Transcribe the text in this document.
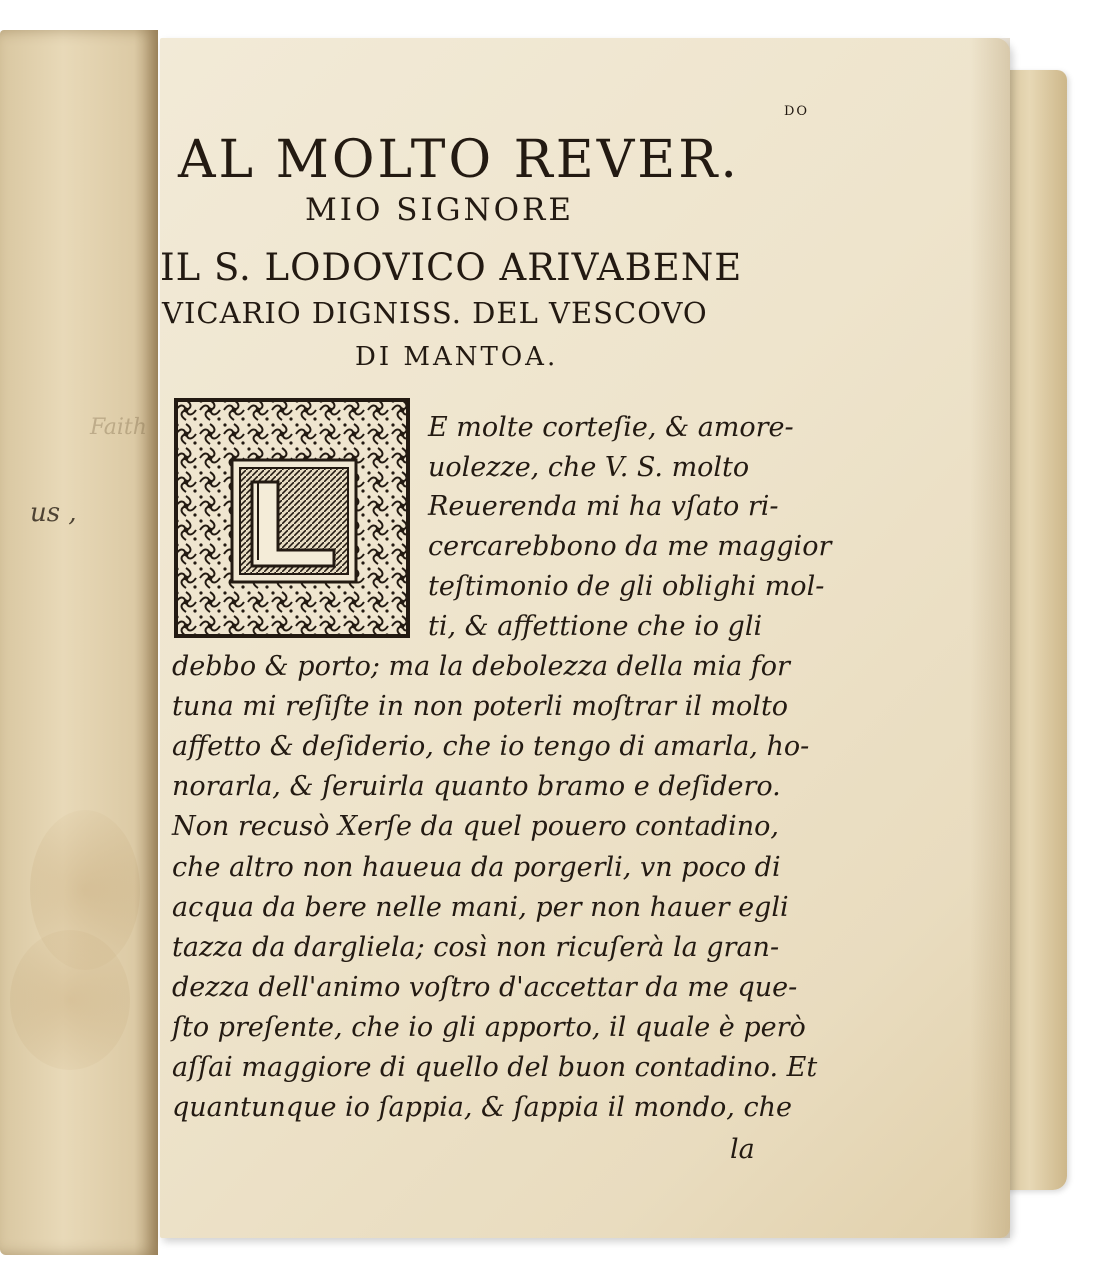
us ,
Faith
DO
AL MOLTO REVER.
MIO SIGNORE
IL S. LODOVICO ARIVABENE
VICARIO DIGNISS. DEL VESCOVO
DI MANTOA.
E molte corteſie, & amore-
uolezze, che V. S. molto
Reuerenda mi ha vſato ri-
cercarebbono da me maggior
teſtimonio de gli oblighi mol-
ti, & affettione che io gli
debbo & porto; ma la debolezza della mia for
tuna mi reſiſte in non poterli moſtrar il molto
affetto & deſiderio, che io tengo di amarla, ho-
norarla, & ſeruirla quanto bramo e deſidero.
Non recusò Xerſe da quel pouero contadino,
che altro non haueua da porgerli, vn poco di
acqua da bere nelle mani, per non hauer egli
tazza da dargliela; così non ricuſerà la gran-
dezza dell'animo voſtro d'accettar da me que-
ſto preſente, che io gli apporto, il quale è però
aſſai maggiore di quello del buon contadino. Et
quantunque io ſappia, & ſappia il mondo, che
la
